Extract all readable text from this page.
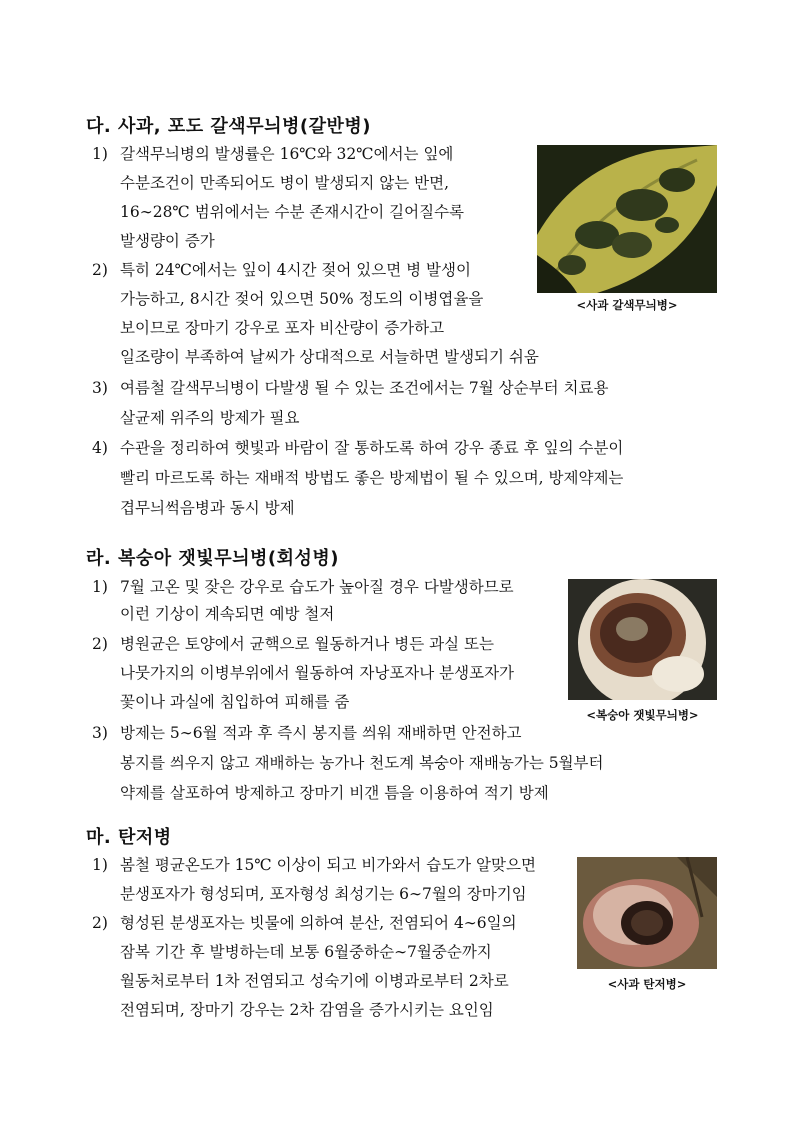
다. 사과, 포도 갈색무늬병(갈반병)
1) 갈색무늬병의 발생률은 16℃와 32℃에서는 잎에
수분조건이 만족되어도 병이 발생되지 않는 반면,
16∼28℃ 범위에서는 수분 존재시간이 길어질수록
발생량이 증가
2) 특히 24℃에서는 잎이 4시간 젖어 있으면 병 발생이
가능하고, 8시간 젖어 있으면 50% 정도의 이병엽율을
보이므로 장마기 강우로 포자 비산량이 증가하고
일조량이 부족하여 날씨가 상대적으로 서늘하면 발생되기 쉬움
3) 여름철 갈색무늬병이 다발생 될 수 있는 조건에서는 7월 상순부터 치료용
살균제 위주의 방제가 필요
4) 수관을 정리하여 햇빛과 바람이 잘 통하도록 하여 강우 종료 후 잎의 수분이
빨리 마르도록 하는 재배적 방법도 좋은 방제법이 될 수 있으며, 방제약제는
겹무늬썩음병과 동시 방제
<사과 갈색무늬병>
라. 복숭아 잿빛무늬병(회성병)
1) 7월 고온 및 잦은 강우로 습도가 높아질 경우 다발생하므로
이런 기상이 계속되면 예방 철저
2) 병원균은 토양에서 균핵으로 월동하거나 병든 과실 또는
나뭇가지의 이병부위에서 월동하여 자낭포자나 분생포자가
꽃이나 과실에 침입하여 피해를 줌
3) 방제는 5∼6월 적과 후 즉시 봉지를 씌워 재배하면 안전하고
봉지를 씌우지 않고 재배하는 농가나 천도계 복숭아 재배농가는 5월부터
약제를 살포하여 방제하고 장마기 비갠 틈을 이용하여 적기 방제
<복숭아 잿빛무늬병>
마. 탄저병
1) 봄철 평균온도가 15℃ 이상이 되고 비가와서 습도가 알맞으면
분생포자가 형성되며, 포자형성 최성기는 6∼7월의 장마기임
2) 형성된 분생포자는 빗물에 의하여 분산, 전염되어 4∼6일의
잠복 기간 후 발병하는데 보통 6월중하순∼7월중순까지
월동처로부터 1차 전염되고 성숙기에 이병과로부터 2차로
전염되며, 장마기 강우는 2차 감염을 증가시키는 요인임
<사과 탄저병>
